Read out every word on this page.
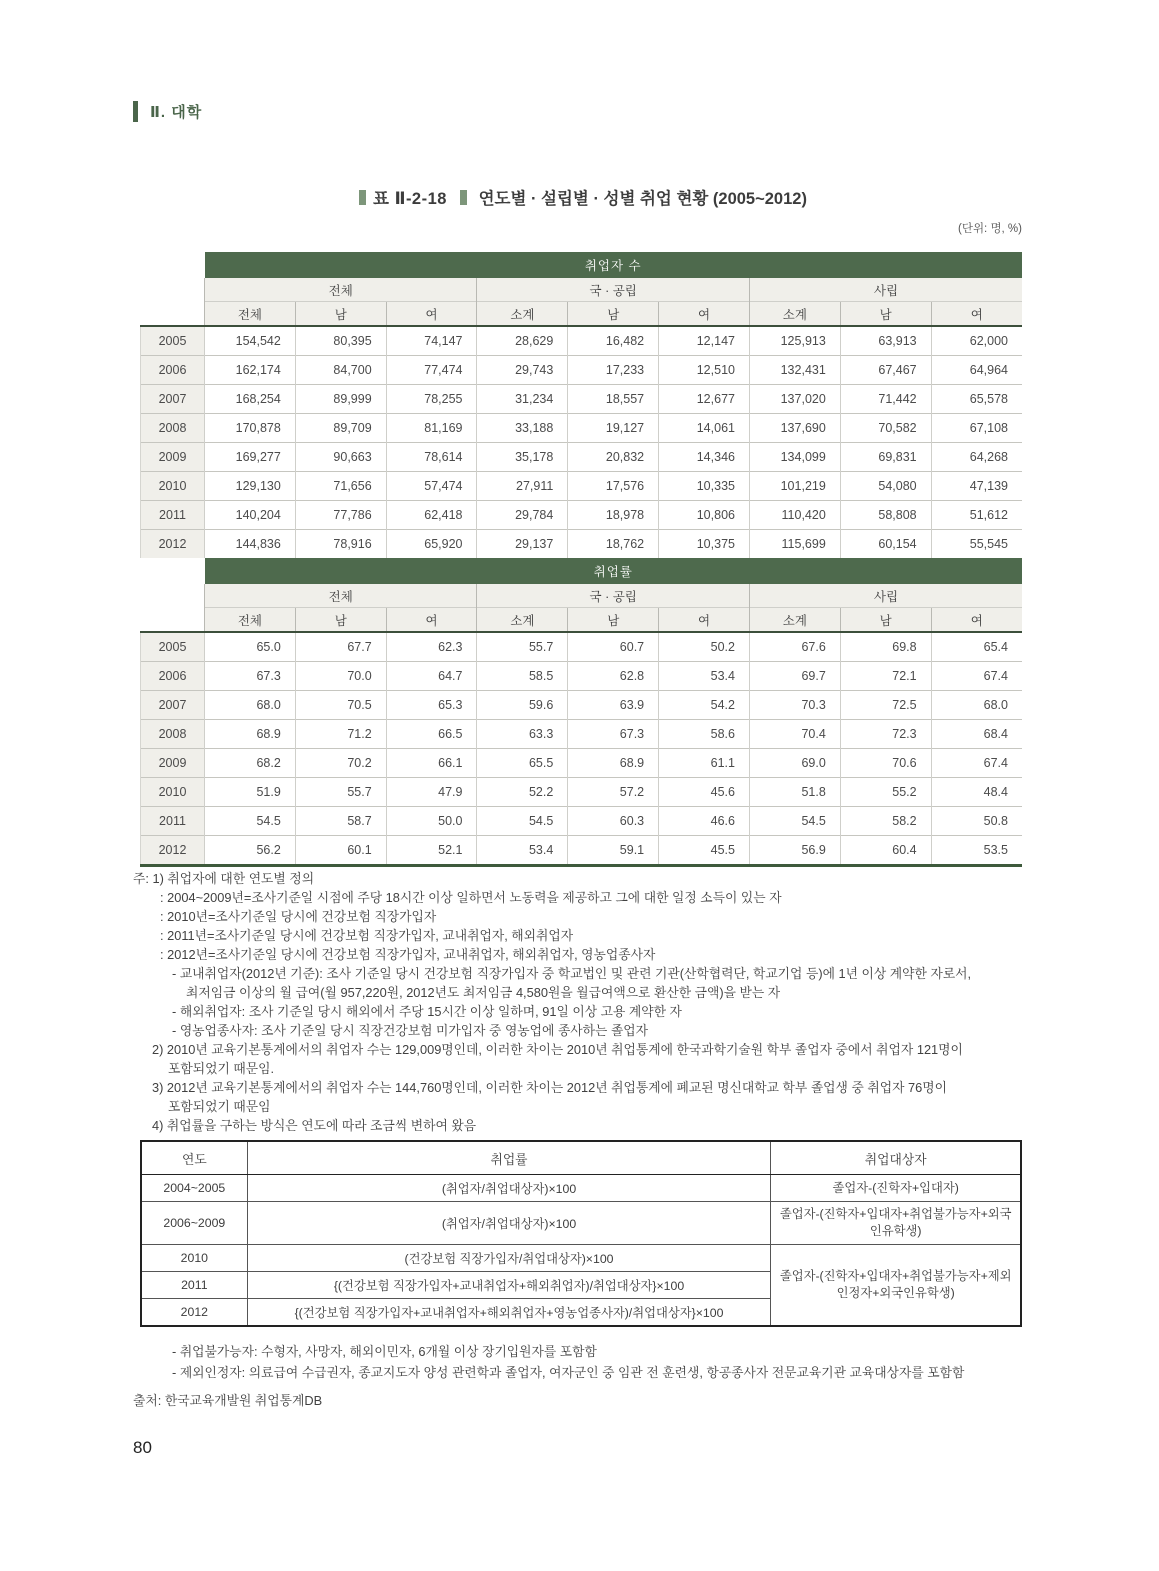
Ⅱ. 대학
표 Ⅱ-2-18 연도별 · 설립별 · 성별 취업 현황 (2005~2012)
(단위: 명, %)
	취업자 수								
	전체			국 · 공립			사립		
	전체	남	여	소계	남	여	소계	남	여
2005	154,542	80,395	74,147	28,629	16,482	12,147	125,913	63,913	62,000
2006	162,174	84,700	77,474	29,743	17,233	12,510	132,431	67,467	64,964
2007	168,254	89,999	78,255	31,234	18,557	12,677	137,020	71,442	65,578
2008	170,878	89,709	81,169	33,188	19,127	14,061	137,690	70,582	67,108
2009	169,277	90,663	78,614	35,178	20,832	14,346	134,099	69,831	64,268
2010	129,130	71,656	57,474	27,911	17,576	10,335	101,219	54,080	47,139
2011	140,204	77,786	62,418	29,784	18,978	10,806	110,420	58,808	51,612
2012	144,836	78,916	65,920	29,137	18,762	10,375	115,699	60,154	55,545
	취업률								
	전체			국 · 공립			사립		
	전체	남	여	소계	남	여	소계	남	여
2005	65.0	67.7	62.3	55.7	60.7	50.2	67.6	69.8	65.4
2006	67.3	70.0	64.7	58.5	62.8	53.4	69.7	72.1	67.4
2007	68.0	70.5	65.3	59.6	63.9	54.2	70.3	72.5	68.0
2008	68.9	71.2	66.5	63.3	67.3	58.6	70.4	72.3	68.4
2009	68.2	70.2	66.1	65.5	68.9	61.1	69.0	70.6	67.4
2010	51.9	55.7	47.9	52.2	57.2	45.6	51.8	55.2	48.4
2011	54.5	58.7	50.0	54.5	60.3	46.6	54.5	58.2	50.8
2012	56.2	60.1	52.1	53.4	59.1	45.5	56.9	60.4	53.5
주: 1) 취업자에 대한 연도별 정의
: 2004~2009년=조사기준일 시점에 주당 18시간 이상 일하면서 노동력을 제공하고 그에 대한 일정 소득이 있는 자
: 2010년=조사기준일 당시에 건강보험 직장가입자
: 2011년=조사기준일 당시에 건강보험 직장가입자, 교내취업자, 해외취업자
: 2012년=조사기준일 당시에 건강보험 직장가입자, 교내취업자, 해외취업자, 영농업종사자
- 교내취업자(2012년 기준): 조사 기준일 당시 건강보험 직장가입자 중 학교법인 및 관련 기관(산학협력단, 학교기업 등)에 1년 이상 계약한 자로서,
최저임금 이상의 월 급여(월 957,220원, 2012년도 최저임금 4,580원을 월급여액으로 환산한 금액)을 받는 자
- 해외취업자: 조사 기준일 당시 해외에서 주당 15시간 이상 일하며, 91일 이상 고용 계약한 자
- 영농업종사자: 조사 기준일 당시 직장건강보험 미가입자 중 영농업에 종사하는 졸업자
2) 2010년 교육기본통계에서의 취업자 수는 129,009명인데, 이러한 차이는 2010년 취업통계에 한국과학기술원 학부 졸업자 중에서 취업자 121명이
포함되었기 때문임.
3) 2012년 교육기본통계에서의 취업자 수는 144,760명인데, 이러한 차이는 2012년 취업통계에 폐교된 명신대학교 학부 졸업생 중 취업자 76명이
포함되었기 때문임
4) 취업률을 구하는 방식은 연도에 따라 조금씩 변하여 왔음
연도	취업률	취업대상자
2004~2005	(취업자/취업대상자)×100	졸업자-(진학자+입대자)
2006~2009	(취업자/취업대상자)×100	졸업자-(진학자+입대자+취업불가능자+외국인유학생)
2010	(건강보험 직장가입자/취업대상자)×100	졸업자-(진학자+입대자+취업불가능자+제외인정자+외국인유학생)
2011	{(건강보험 직장가입자+교내취업자+해외취업자)/취업대상자}×100	
2012	{(건강보험 직장가입자+교내취업자+해외취업자+영농업종사자)/취업대상자}×100	
- 취업불가능자: 수형자, 사망자, 해외이민자, 6개월 이상 장기입원자를 포함함
- 제외인정자: 의료급여 수급권자, 종교지도자 양성 관련학과 졸업자, 여자군인 중 임관 전 훈련생, 항공종사자 전문교육기관 교육대상자를 포함함
출처: 한국교육개발원 취업통계DB
80
